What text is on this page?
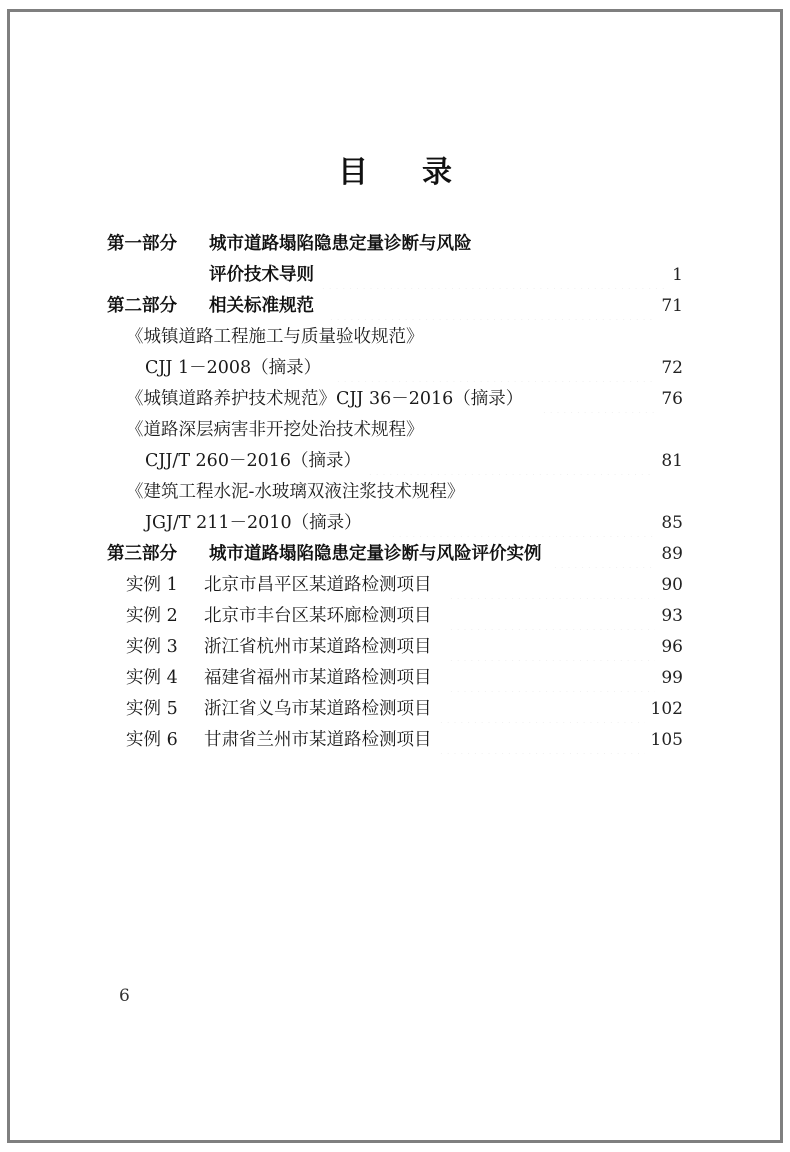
目 录
第一部分	城市道路塌陷隐患定量诊断与风险
评价技术导则	1
第二部分	相关标准规范	71
《城镇道路工程施工与质量验收规范》
CJJ 1－2008（摘录）	72
《城镇道路养护技术规范》CJJ 36－2016（摘录）	76
《道路深层病害非开挖处治技术规程》
CJJ/T 260－2016（摘录）	81
《建筑工程水泥-水玻璃双液注浆技术规程》
JGJ/T 211－2010（摘录）	85
第三部分	城市道路塌陷隐患定量诊断与风险评价实例	89
实例 1	北京市昌平区某道路检测项目	90
实例 2	北京市丰台区某环廊检测项目	93
实例 3	浙江省杭州市某道路检测项目	96
实例 4	福建省福州市某道路检测项目	99
实例 5	浙江省义乌市某道路检测项目	102
实例 6	甘肃省兰州市某道路检测项目	105
6
